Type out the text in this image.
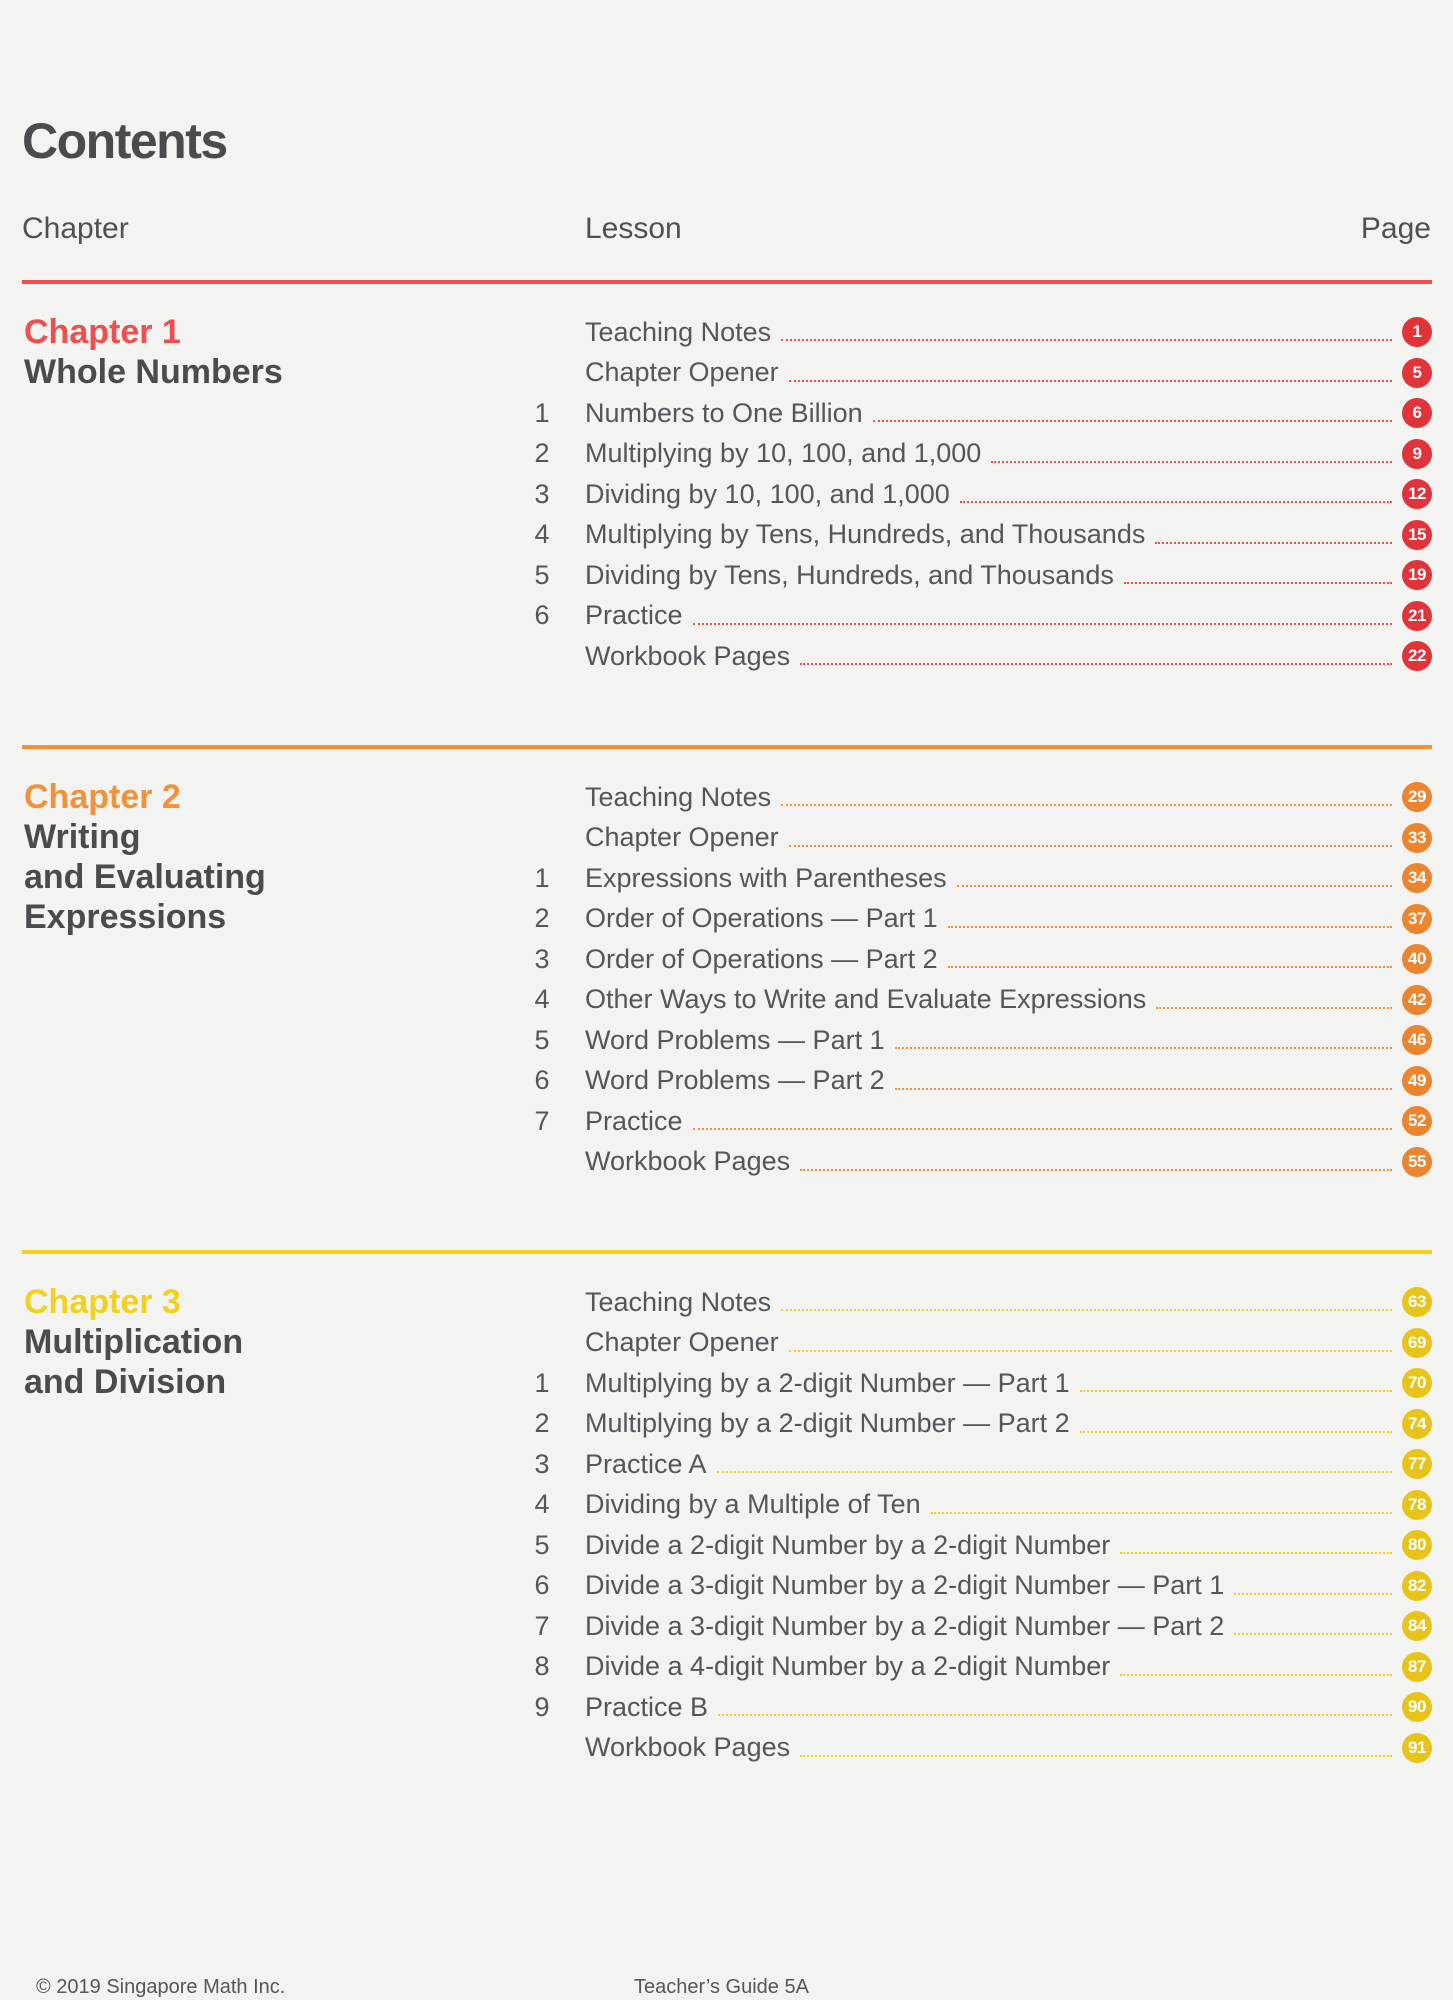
Contents
Chapter	Lesson	Page
Chapter 1
Whole Numbers
Teaching Notes	1
Chapter Opener	5
1	Numbers to One Billion	6
2	Multiplying by 10, 100, and 1,000	9
3	Dividing by 10, 100, and 1,000	12
4	Multiplying by Tens, Hundreds, and Thousands	15
5	Dividing by Tens, Hundreds, and Thousands	19
6	Practice	21
Workbook Pages	22
Chapter 2
Writing
and Evaluating
Expressions
Teaching Notes	29
Chapter Opener	33
1	Expressions with Parentheses	34
2	Order of Operations — Part 1	37
3	Order of Operations — Part 2	40
4	Other Ways to Write and Evaluate Expressions	42
5	Word Problems — Part 1	46
6	Word Problems — Part 2	49
7	Practice	52
Workbook Pages	55
Chapter 3
Multiplication
and Division
Teaching Notes	63
Chapter Opener	69
1	Multiplying by a 2-digit Number — Part 1	70
2	Multiplying by a 2-digit Number — Part 2	74
3	Practice A	77
4	Dividing by a Multiple of Ten	78
5	Divide a 2-digit Number by a 2-digit Number	80
6	Divide a 3-digit Number by a 2-digit Number — Part 1	82
7	Divide a 3-digit Number by a 2-digit Number — Part 2	84
8	Divide a 4-digit Number by a 2-digit Number	87
9	Practice B	90
Workbook Pages	91
© 2019 Singapore Math Inc.	Teacher’s Guide 5A
